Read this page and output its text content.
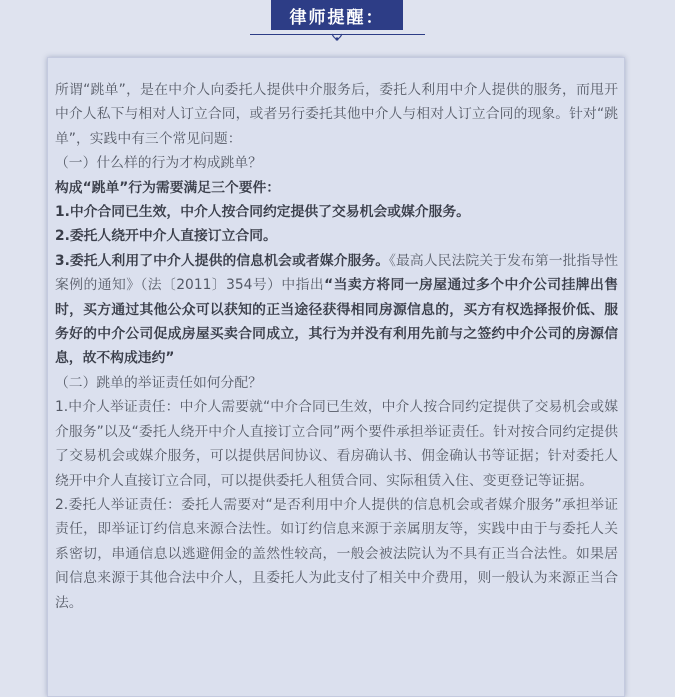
律师提醒：

所谓“跳单”，是在中介人向委托人提供中介服务后，委托人利用中介人提供的服务，而甩开中介人私下与相对人订立合同，或者另行委托其他中介人与相对人订立合同的现象。针对“跳单”，实践中有三个常见问题：

（一）什么样的行为才构成跳单？

构成“跳单”行为需要满足三个要件：

1.中介合同已生效，中介人按合同约定提供了交易机会或媒介服务。

2.委托人绕开中介人直接订立合同。

3.委托人利用了中介人提供的信息机会或者媒介服务。《最高人民法院关于发布第一批指导性案例的通知》（法〔2011〕354号）中指出“当卖方将同一房屋通过多个中介公司挂牌出售时，买方通过其他公众可以获知的正当途径获得相同房源信息的，买方有权选择报价低、服务好的中介公司促成房屋买卖合同成立，其行为并没有利用先前与之签约中介公司的房源信息，故不构成违约”

（二）跳单的举证责任如何分配？

1.中介人举证责任：中介人需要就“中介合同已生效，中介人按合同约定提供了交易机会或媒介服务”以及“委托人绕开中介人直接订立合同”两个要件承担举证责任。针对按合同约定提供了交易机会或媒介服务，可以提供居间协议、看房确认书、佣金确认书等证据；针对委托人绕开中介人直接订立合同，可以提供委托人租赁合同、实际租赁入住、变更登记等证据。

2.委托人举证责任：委托人需要对“是否利用中介人提供的信息机会或者媒介服务”承担举证责任，即举证订约信息来源合法性。如订约信息来源于亲属朋友等，实践中由于与委托人关系密切，串通信息以逃避佣金的盖然性较高，一般会被法院认为不具有正当合法性。如果居间信息来源于其他合法中介人，且委托人为此支付了相关中介费用，则一般认为来源正当合法。
